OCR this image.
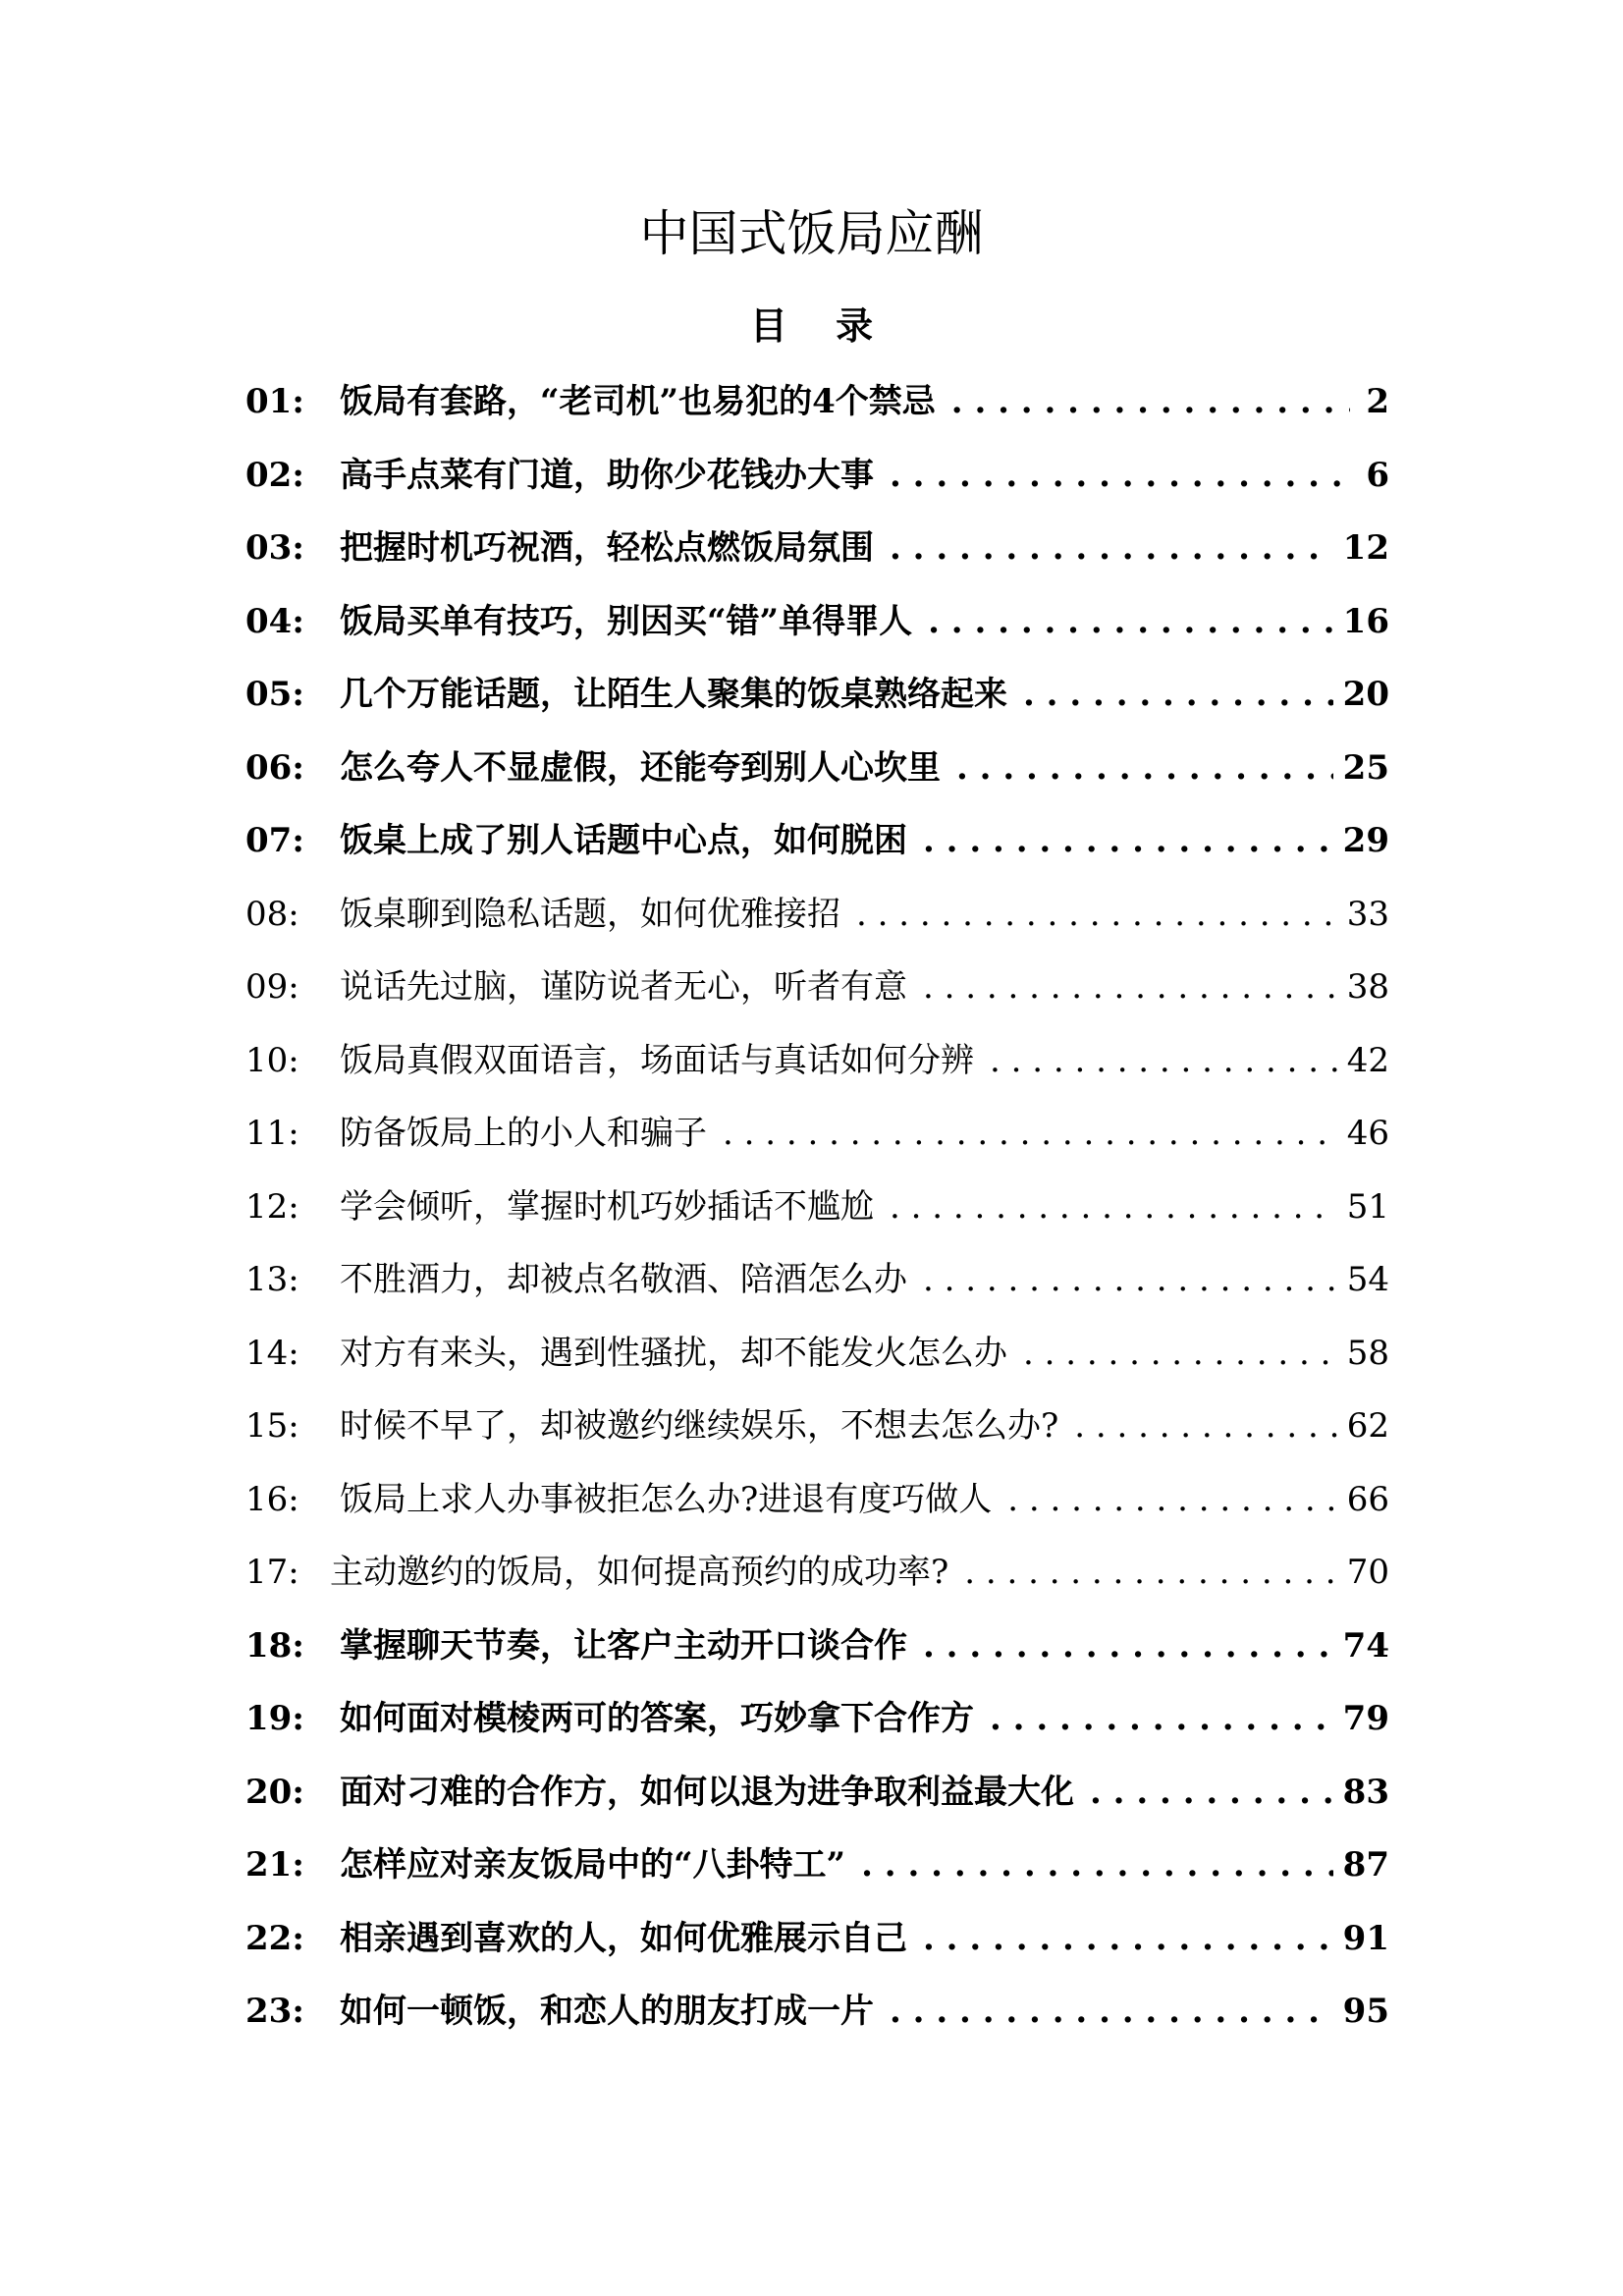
中国式饭局应酬
目 录
01:	饭局有套路，“老司机”也易犯的4个禁忌 . . .	2
02:	高手点菜有门道，助你少花钱办大事 . . .	6
03:	把握时机巧祝酒，轻松点燃饭局氛围 . . .	12
04:	饭局买单有技巧，别因买“错”单得罪人 . . .	16
05:	几个万能话题，让陌生人聚集的饭桌熟络起来 . . .	20
06:	怎么夸人不显虚假，还能夸到别人心坎里 . . .	25
07:	饭桌上成了别人话题中心点，如何脱困 . . .	29
08:	饭桌聊到隐私话题，如何优雅接招 . . .	33
09:	说话先过脑，谨防说者无心，听者有意 . . .	38
10:	饭局真假双面语言，场面话与真话如何分辨 . . .	42
11:	防备饭局上的小人和骗子 . . .	46
12:	学会倾听，掌握时机巧妙插话不尴尬 . . .	51
13:	不胜酒力，却被点名敬酒、陪酒怎么办 . . .	54
14:	对方有来头，遇到性骚扰，却不能发火怎么办 . . .	58
15:	时候不早了，却被邀约继续娱乐，不想去怎么办? . . .	62
16:	饭局上求人办事被拒怎么办?进退有度巧做人 . . .	66
17: 主动邀约的饭局，如何提高预约的成功率? . . .	70
18:	掌握聊天节奏，让客户主动开口谈合作 . . .	74
19:	如何面对模棱两可的答案，巧妙拿下合作方 . . .	79
20:	面对刁难的合作方，如何以退为进争取利益最大化 . . .	83
21:	怎样应对亲友饭局中的“八卦特工” . . .	87
22:	相亲遇到喜欢的人，如何优雅展示自己 . . .	91
23:	如何一顿饭，和恋人的朋友打成一片 . . .	95
